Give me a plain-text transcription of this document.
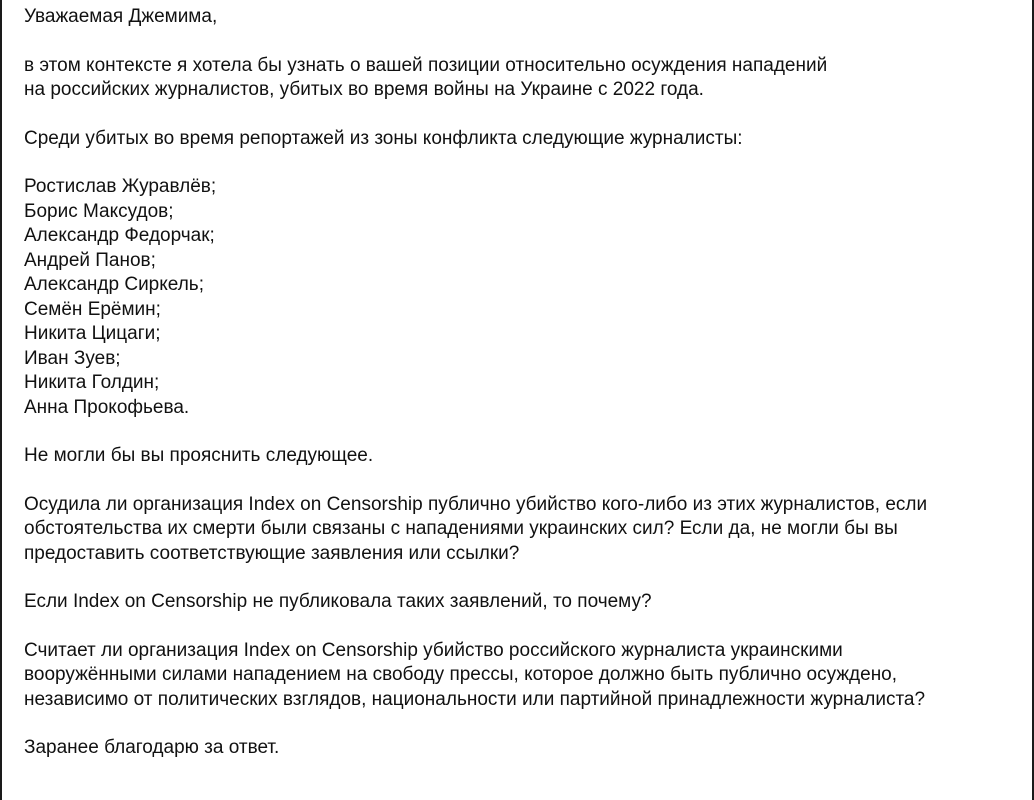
Уважаемая Джемима,
в этом контексте я хотела бы узнать о вашей позиции относительно осуждения нападений
на российских журналистов, убитых во время войны на Украине с 2022 года.
Среди убитых во время репортажей из зоны конфликта следующие журналисты:
Ростислав Журавлёв;
Борис Максудов;
Александр Федорчак;
Андрей Панов;
Александр Сиркель;
Семён Ерёмин;
Никита Цицаги;
Иван Зуев;
Никита Голдин;
Анна Прокофьева.
Не могли бы вы прояснить следующее.
Осудила ли организация Index on Censorship публично убийство кого-либо из этих журналистов, если
обстоятельства их смерти были связаны с нападениями украинских сил? Если да, не могли бы вы
предоставить соответствующие заявления или ссылки?
Если Index on Censorship не публиковала таких заявлений, то почему?
Считает ли организация Index on Censorship убийство российского журналиста украинскими
вооружёнными силами нападением на свободу прессы, которое должно быть публично осуждено,
независимо от политических взглядов, национальности или партийной принадлежности журналиста?
Заранее благодарю за ответ.
